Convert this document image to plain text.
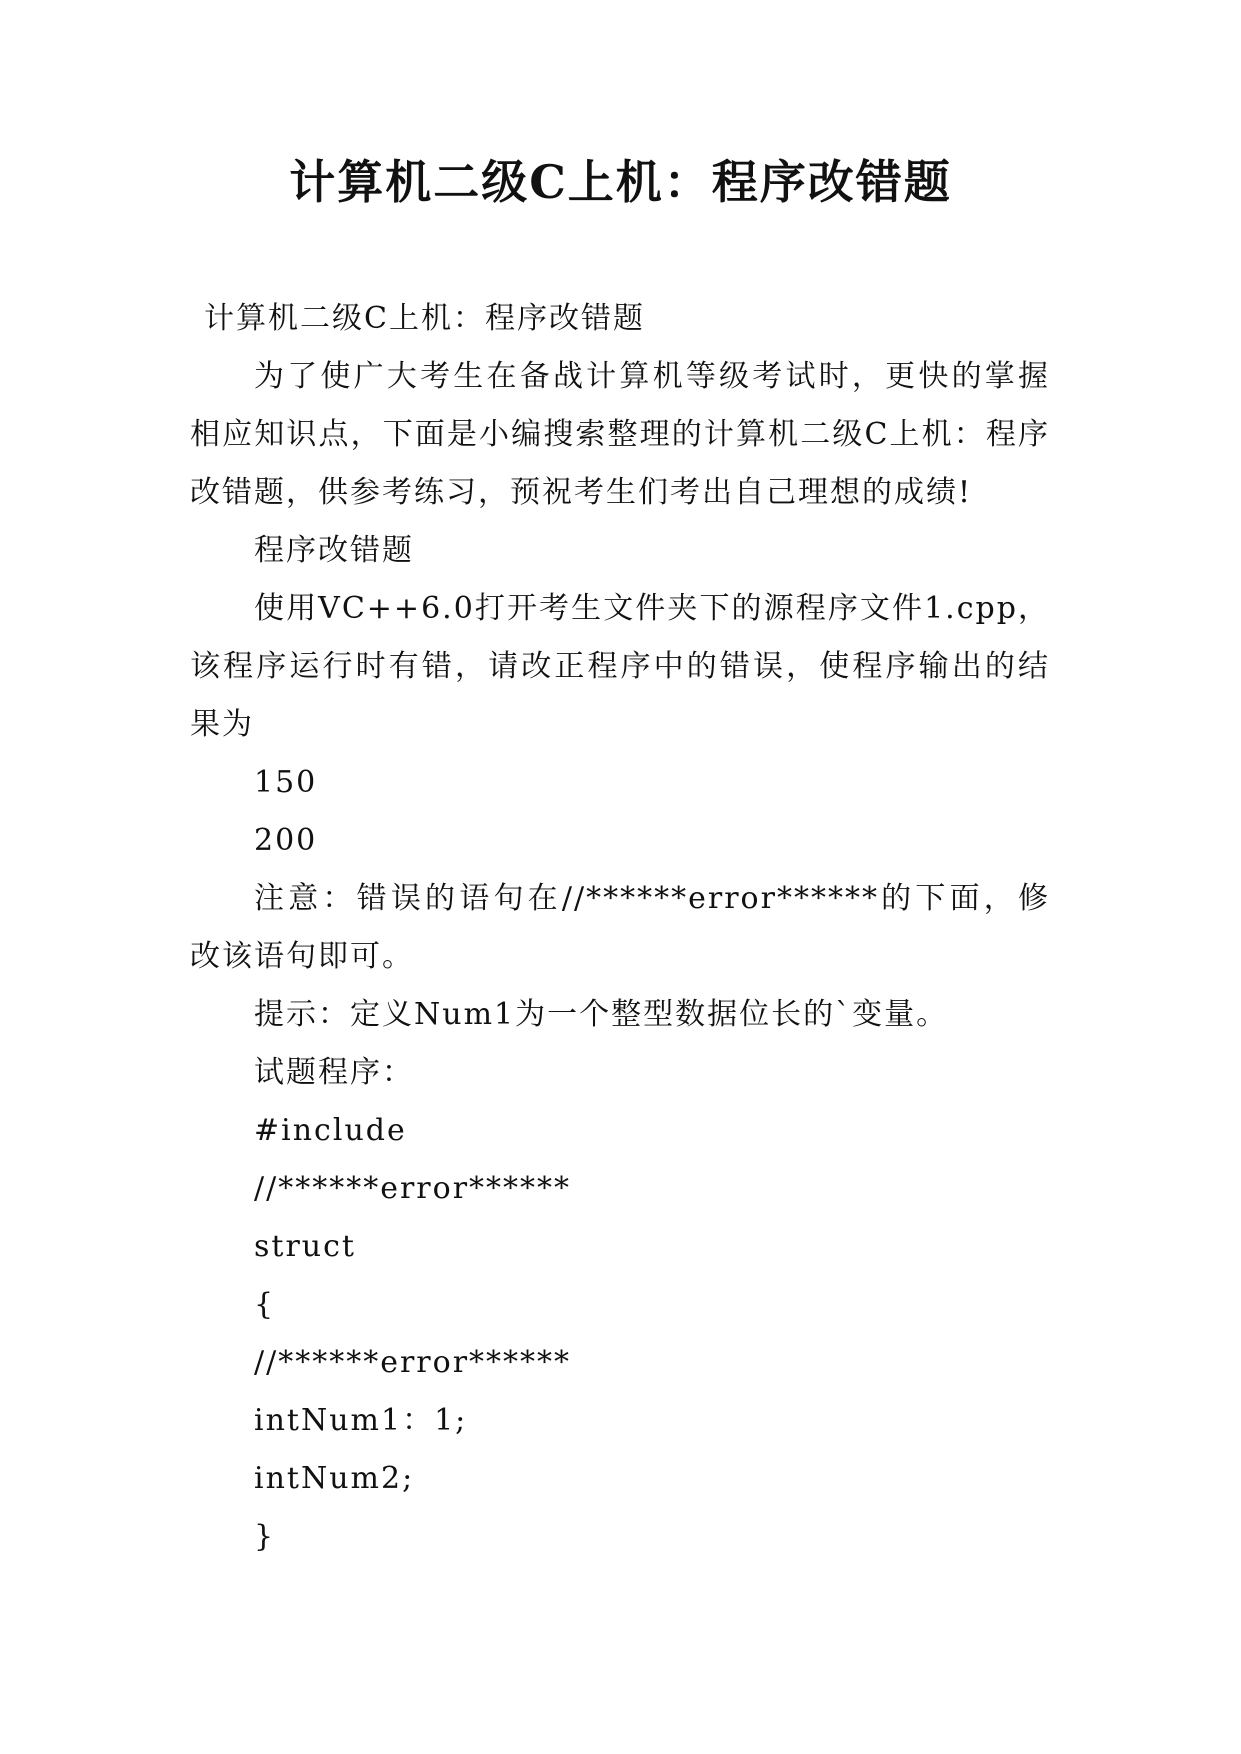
计算机二级C上机：程序改错题

计算机二级C上机：程序改错题

为了使广大考生在备战计算机等级考试时，更快的掌握相应知识点，下面是小编搜索整理的计算机二级C上机：程序改错题，供参考练习，预祝考生们考出自己理想的成绩!

程序改错题

使用VC++6.0打开考生文件夹下的源程序文件1.cpp，该程序运行时有错，请改正程序中的错误，使程序输出的结果为

150

200

注意：错误的语句在//******error******的下面，修改该语句即可。

提示：定义Num1为一个整型数据位长的`变量。

试题程序：

#include

//******error******

struct

{

//******error******

intNum1：1;

intNum2;

}
